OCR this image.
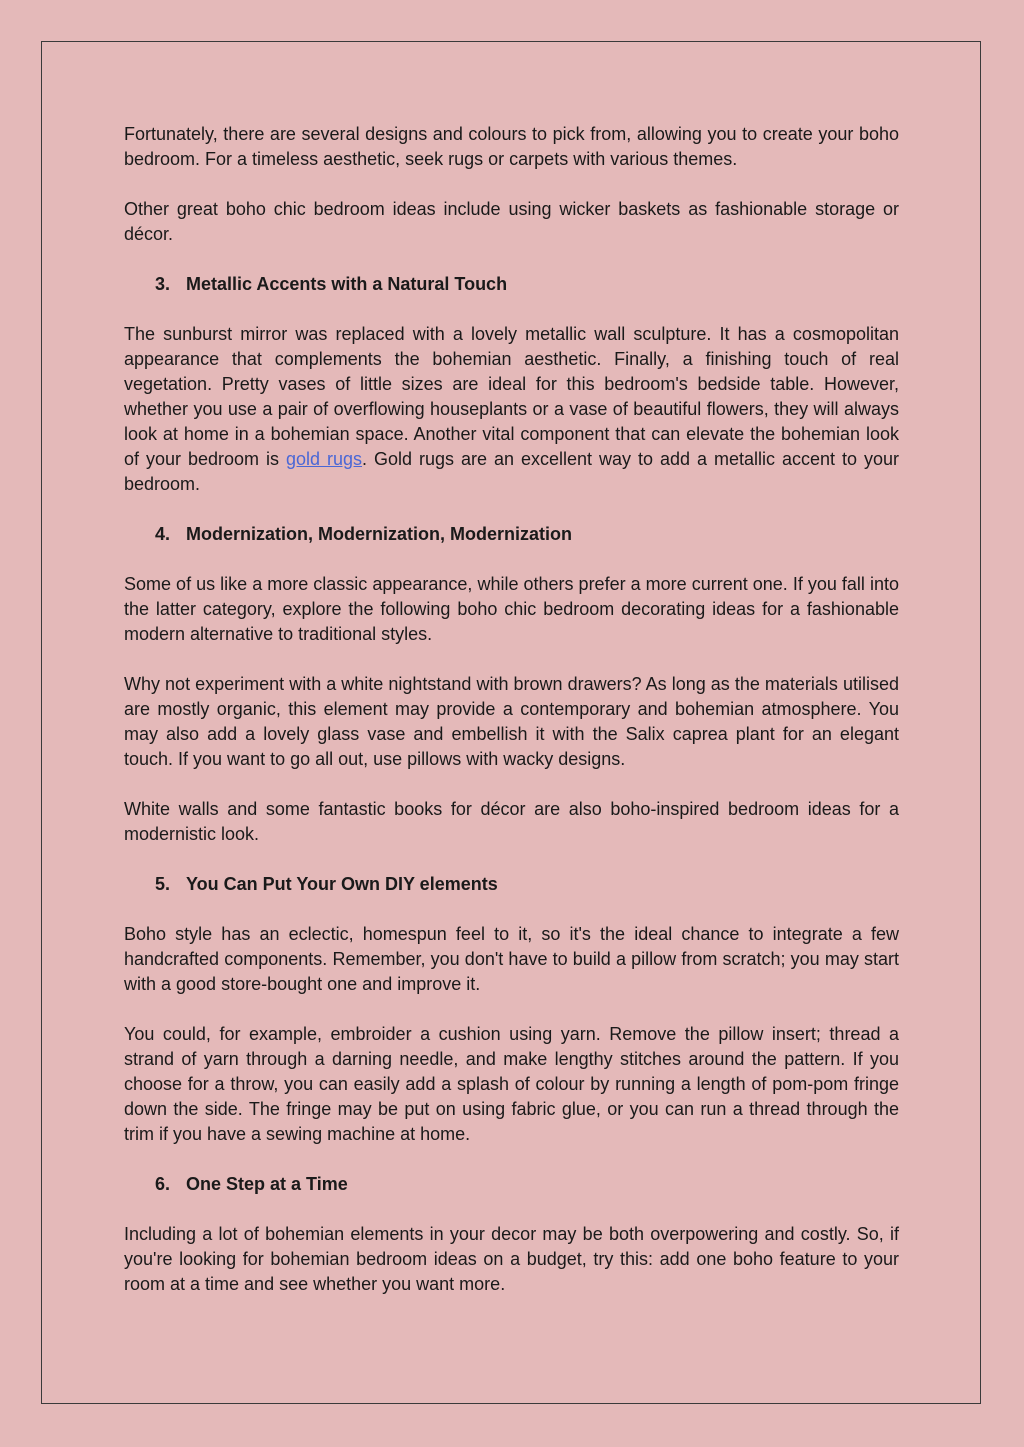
Fortunately, there are several designs and colours to pick from, allowing you to create your boho bedroom. For a timeless aesthetic, seek rugs or carpets with various themes.

Other great boho chic bedroom ideas include using wicker baskets as fashionable storage or décor.

3. Metallic Accents with a Natural Touch

The sunburst mirror was replaced with a lovely metallic wall sculpture. It has a cosmopolitan appearance that complements the bohemian aesthetic. Finally, a finishing touch of real vegetation. Pretty vases of little sizes are ideal for this bedroom's bedside table. However, whether you use a pair of overflowing houseplants or a vase of beautiful flowers, they will always look at home in a bohemian space. Another vital component that can elevate the bohemian look of your bedroom is gold rugs. Gold rugs are an excellent way to add a metallic accent to your bedroom.

4. Modernization, Modernization, Modernization

Some of us like a more classic appearance, while others prefer a more current one. If you fall into the latter category, explore the following boho chic bedroom decorating ideas for a fashionable modern alternative to traditional styles.

Why not experiment with a white nightstand with brown drawers? As long as the materials utilised are mostly organic, this element may provide a contemporary and bohemian atmosphere. You may also add a lovely glass vase and embellish it with the Salix caprea plant for an elegant touch. If you want to go all out, use pillows with wacky designs.

White walls and some fantastic books for décor are also boho-inspired bedroom ideas for a modernistic look.

5. You Can Put Your Own DIY elements

Boho style has an eclectic, homespun feel to it, so it's the ideal chance to integrate a few handcrafted components. Remember, you don't have to build a pillow from scratch; you may start with a good store-bought one and improve it.

You could, for example, embroider a cushion using yarn. Remove the pillow insert; thread a strand of yarn through a darning needle, and make lengthy stitches around the pattern. If you choose for a throw, you can easily add a splash of colour by running a length of pom-pom fringe down the side. The fringe may be put on using fabric glue, or you can run a thread through the trim if you have a sewing machine at home.

6. One Step at a Time

Including a lot of bohemian elements in your decor may be both overpowering and costly. So, if you're looking for bohemian bedroom ideas on a budget, try this: add one boho feature to your room at a time and see whether you want more.
